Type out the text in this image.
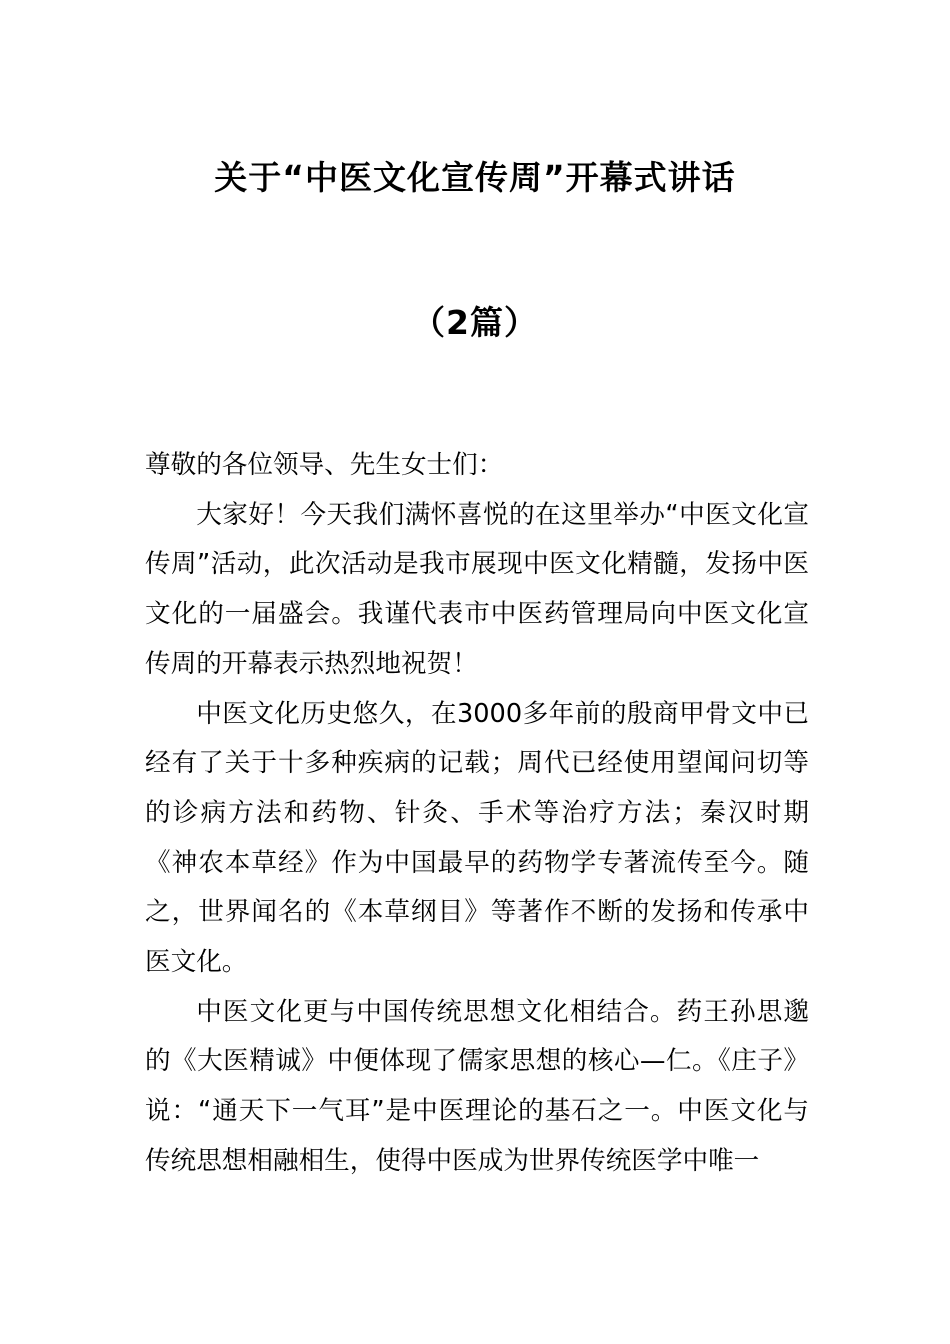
关于“中医文化宣传周”开幕式讲话
（2篇）

尊敬的各位领导、先生女士们：

大家好！今天我们满怀喜悦的在这里举办“中医文化宣传周”活动，此次活动是我市展现中医文化精髓，发扬中医文化的一届盛会。我谨代表市中医药管理局向中医文化宣传周的开幕表示热烈地祝贺！

中医文化历史悠久，在3000多年前的殷商甲骨文中已经有了关于十多种疾病的记载；周代已经使用望闻问切等的诊病方法和药物、针灸、手术等治疗方法；秦汉时期《神农本草经》作为中国最早的药物学专著流传至今。随之，世界闻名的《本草纲目》等著作不断的发扬和传承中医文化。

中医文化更与中国传统思想文化相结合。药王孙思邈的《大医精诚》中便体现了儒家思想的核心—仁。《庄子》说：“通天下一气耳”是中医理论的基石之一。中医文化与传统思想相融相生，使得中医成为世界传统医学中唯一
